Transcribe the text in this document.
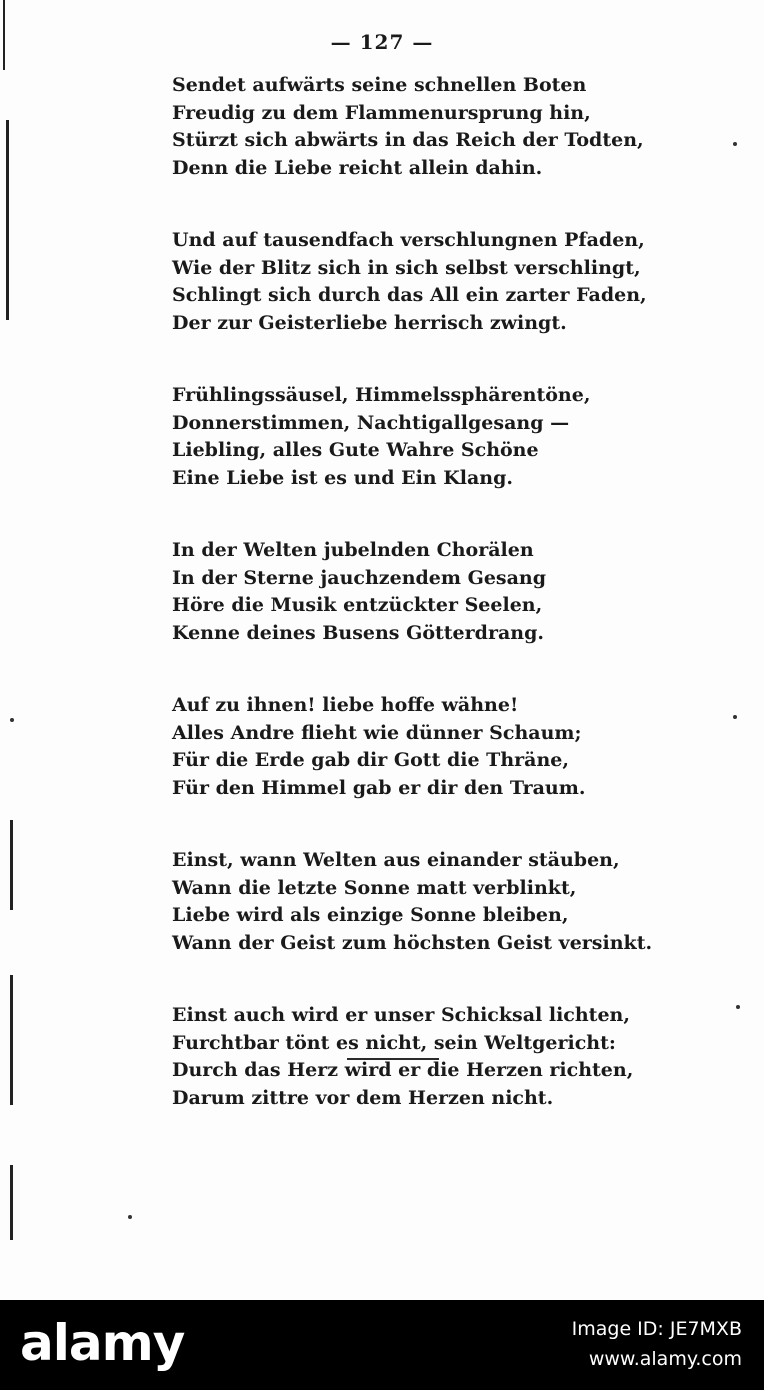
— 127 —
Sendet aufwärts seine schnellen Boten
Freudig zu dem Flammenursprung hin,
Stürzt sich abwärts in das Reich der Todten,
Denn die Liebe reicht allein dahin.
Und auf tausendfach verschlungnen Pfaden,
Wie der Blitz sich in sich selbst verschlingt,
Schlingt sich durch das All ein zarter Faden,
Der zur Geisterliebe herrisch zwingt.
Frühlingssäusel, Himmelssphärentöne,
Donnerstimmen, Nachtigallgesang —
Liebling, alles Gute Wahre Schöne
Eine Liebe ist es und Ein Klang.
In der Welten jubelnden Chorälen
In der Sterne jauchzendem Gesang
Höre die Musik entzückter Seelen,
Kenne deines Busens Götterdrang.
Auf zu ihnen! liebe hoffe wähne!
Alles Andre flieht wie dünner Schaum;
Für die Erde gab dir Gott die Thräne,
Für den Himmel gab er dir den Traum.
Einst, wann Welten aus einander stäuben,
Wann die letzte Sonne matt verblinkt,
Liebe wird als einzige Sonne bleiben,
Wann der Geist zum höchsten Geist versinkt.
Einst auch wird er unser Schicksal lichten,
Furchtbar tönt es nicht, sein Weltgericht:
Durch das Herz wird er die Herzen richten,
Darum zittre vor dem Herzen nicht.
alamy	Image ID: JE7MXB
www.alamy.com
